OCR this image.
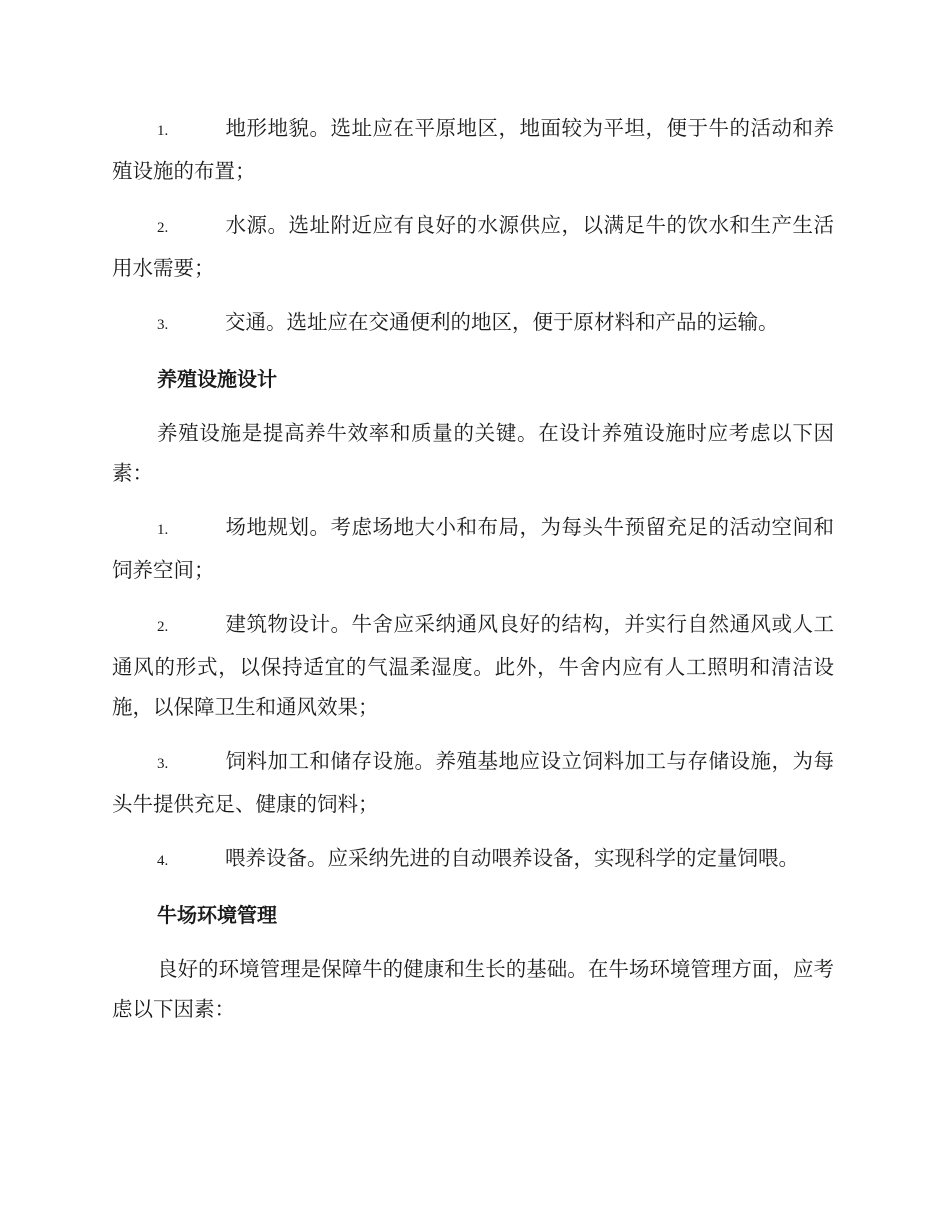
1.	地形地貌。选址应在平原地区，地面较为平坦，便于牛的活动和养殖设施的布置；
2.	水源。选址附近应有良好的水源供应，以满足牛的饮水和生产生活用水需要；
3.	交通。选址应在交通便利的地区，便于原材料和产品的运输。
养殖设施设计
养殖设施是提高养牛效率和质量的关键。在设计养殖设施时应考虑以下因素：
1.	场地规划。考虑场地大小和布局，为每头牛预留充足的活动空间和饲养空间；
2.	建筑物设计。牛舍应采纳通风良好的结构，并实行自然通风或人工通风的形式，以保持适宜的气温柔湿度。此外，牛舍内应有人工照明和清洁设施，以保障卫生和通风效果；
3.	饲料加工和储存设施。养殖基地应设立饲料加工与存储设施，为每头牛提供充足、健康的饲料；
4.	喂养设备。应采纳先进的自动喂养设备，实现科学的定量饲喂。
牛场环境管理
良好的环境管理是保障牛的健康和生长的基础。在牛场环境管理方面，应考虑以下因素：
